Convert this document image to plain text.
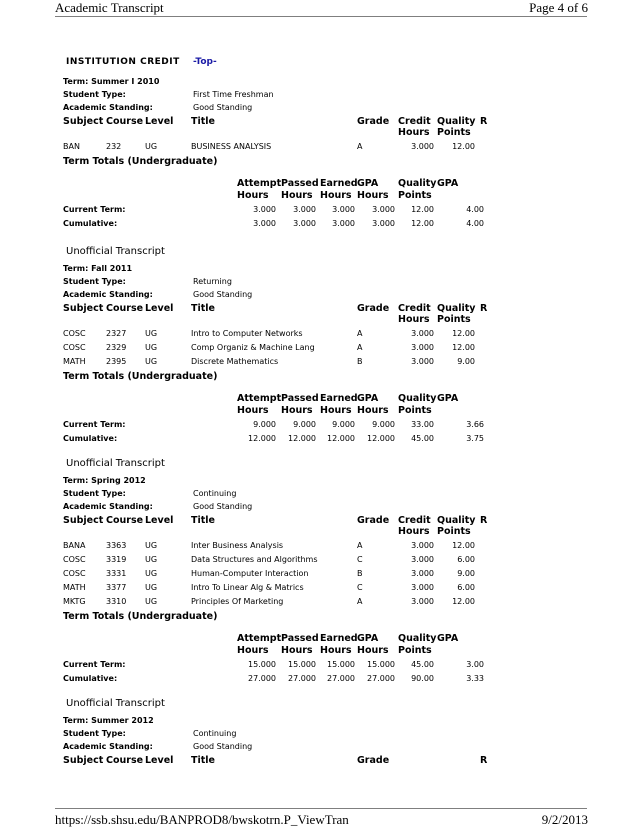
Academic Transcript	Page 4 of 6
INSTITUTION CREDIT -Top-
Term: Summer I 2010
Student Type:	First Time Freshman
Academic Standing:	Good Standing
Subject Course Level Title	Grade Credit Quality R
Hours Points
BAN	232	UG	BUSINESS ANALYSIS	A	3.000	12.00
Term Totals (Undergraduate)
Attempt Passed Earned GPA Quality GPA
Hours Hours Hours Hours Points
Current Term:	3.000	3.000	3.000	3.000	12.00	4.00
Cumulative:	3.000	3.000	3.000	3.000	12.00	4.00
Unofficial Transcript
Term: Fall 2011
Student Type:	Returning
Academic Standing:	Good Standing
Subject Course Level Title	Grade Credit Quality R
Hours Points
COSC	2327 UG	Intro to Computer Networks	A	3.000	12.00
COSC	2329 UG	Comp Organiz & Machine Lang	A	3.000	12.00
MATH	2395 UG	Discrete Mathematics	B	3.000	9.00
Term Totals (Undergraduate)
Attempt Passed Earned GPA Quality GPA
Hours Hours Hours Hours Points
Current Term:	9.000	9.000	9.000	9.000	33.00	3.66
Cumulative:	12.000	12.000	12.000	12.000	45.00	3.75
Unofficial Transcript
Term: Spring 2012
Student Type:	Continuing
Academic Standing:	Good Standing
Subject Course Level Title	Grade Credit Quality R
Hours Points
BANA	3363 UG	Inter Business Analysis	A	3.000	12.00
COSC	3319 UG	Data Structures and Algorithms	C	3.000	6.00
COSC	3331 UG	Human-Computer Interaction	B	3.000	9.00
MATH	3377 UG	Intro To Linear Alg & Matrics	C	3.000	6.00
MKTG	3310 UG	Principles Of Marketing	A	3.000	12.00
Term Totals (Undergraduate)
Attempt Passed Earned GPA Quality GPA
Hours Hours Hours Hours Points
Current Term:	15.000	15.000	15.000	15.000	45.00	3.00
Cumulative:	27.000	27.000	27.000	27.000	90.00	3.33
Unofficial Transcript
Term: Summer 2012
Student Type:	Continuing
Academic Standing:	Good Standing
Subject Course Level Title	Grade	R
https://ssb.shsu.edu/BANPROD8/bwskotrn.P_ViewTran	9/2/2013
